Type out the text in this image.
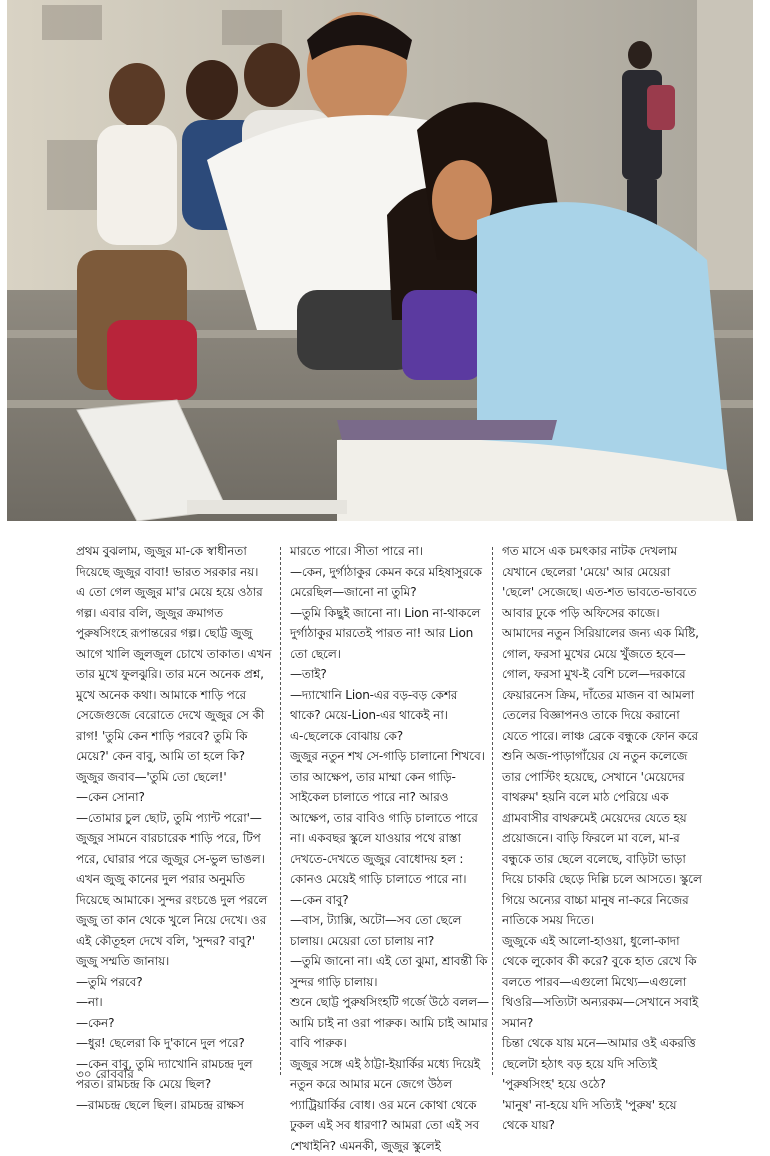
প্রথম বুঝলাম, জুজুর মা-কে স্বাধীনতা দিয়েছে জুজুর বাবা! ভারত সরকার নয়।
এ তো গেল জুজুর মা'র মেয়ে হয়ে ওঠার গল্প। এবার বলি, জুজুর ক্রমাগত পুরুষসিংহে রূপান্তরের গল্প। ছোট্ট জুজু আগে খালি জুলজুল চোখে তাকাত। এখন তার মুখে ফুলঝুরি। তার মনে অনেক প্রশ্ন, মুখে অনেক কথা। আমাকে শাড়ি পরে সেজেগুজে বেরোতে দেখে জুজুর সে কী রাগ! 'তুমি কেন শাড়ি পরবে? তুমি কি মেয়ে?' কেন বাবু, আমি তা হলে কি? জুজুর জবাব—'তুমি তো ছেলে!'
—কেন সোনা?
—তোমার চুল ছোট, তুমি প্যান্ট পরো'—
জুজুর সামনে বারচারেক শাড়ি পরে, টিপ পরে, ঘোরার পরে জুজুর সে-ভুল ভাঙল। এখন জুজু কানের দুল পরার অনুমতি দিয়েছে আমাকে। সুন্দর রংচঙে দুল পরলে জুজু তা কান থেকে খুলে নিয়ে দেখে। ওর এই কৌতূহল দেখে বলি, 'সুন্দর? বাবু?' জুজু সম্মতি জানায়।
—তুমি পরবে?
—না।
—কেন?
—ধুর! ছেলেরা কি দু'কানে দুল পরে?
—কেন বাবু, তুমি দ্যাখোনি রামচন্দ্র দুল পরত। রামচন্দ্র কি মেয়ে ছিল?
—রামচন্দ্র ছেলে ছিল। রামচন্দ্র রাক্ষস

মারতে পারে। সীতা পারে না।
—কেন, দুর্গাঠাকুর কেমন করে মহিষাসুরকে মেরেছিল—জানো না তুমি?
—তুমি কিছুই জানো না। Lion না-থাকলে দুর্গাঠাকুর মারতেই পারত না! আর Lion তো ছেলে।
—তাই?
—দ্যাখোনি Lion-এর বড়-বড় কেশর থাকে? মেয়ে-Lion-এর থাকেই না।
এ-ছেলেকে বোঝায় কে?
জুজুর নতুন শখ সে-গাড়ি চালানো শিখবে। তার আক্ষেপ, তার মাম্মা কেন গাড়ি-সাইকেল চালাতে পারে না? আরও আক্ষেপ, তার বাবিও গাড়ি চালাতে পারে না। একবছর স্কুলে যাওয়ার পথে রাস্তা দেখতে-দেখতে জুজুর বোধোদয় হল : কোনও মেয়েই গাড়ি চালাতে পারে না।
—কেন বাবু?
—বাস, ট্যাক্সি, অটো—সব তো ছেলে চালায়। মেয়েরা তো চালায় না?
—তুমি জানো না। এই তো ঝুমা, শ্রাবন্তী কি সুন্দর গাড়ি চালায়।
শুনে ছোট্ট পুরুষসিংহটি গর্জে উঠে বলল—আমি চাই না ওরা পারুক। আমি চাই আমার বাবি পারুক।
জুজুর সঙ্গে এই ঠাট্টা-ইয়ার্কির মধ্যে দিয়েই নতুন করে আমার মনে জেগে উঠল প্যাট্রিয়ার্কির বোধ। ওর মনে কোথা থেকে ঢুকল এই সব ধারণা? আমরা তো এই সব শেখাইনি? এমনকী, জুজুর স্কুলেই

গত মাসে এক চমৎকার নাটক দেখলাম যেখানে ছেলেরা 'মেয়ে' আর মেয়েরা 'ছেলে' সেজেছে। এত-শত ভাবতে-ভাবতে আবার ঢুকে পড়ি অফিসের কাজে। আমাদের নতুন সিরিয়ালের জন্য এক মিষ্টি, গোল, ফরসা মুখের মেয়ে খুঁজতে হবে—গোল, ফরসা মুখ-ই বেশি চলে—দরকারে ফেয়ারনেস ক্রিম, দাঁতের মাজন বা আমলা তেলের বিজ্ঞাপনও তাকে দিয়ে করানো যেতে পারে। লাঞ্চ ব্রেকে বন্ধুকে ফোন করে শুনি অজ-পাড়াগাঁয়ের যে নতুন কলেজে তার পোস্টিং হয়েছে, সেখানে 'মেয়েদের বাথরুম' হয়নি বলে মাঠ পেরিয়ে এক গ্রামবাসীর বাথরুমেই মেয়েদের যেতে হয় প্রয়োজনে। বাড়ি ফিরলে মা বলে, মা-র বন্ধুকে তার ছেলে বলেছে, বাড়িটা ভাড়া দিয়ে চাকরি ছেড়ে দিল্লি চলে আসতে। স্কুলে গিয়ে অন্যের বাচ্চা মানুষ না-করে নিজের নাতিকে সময় দিতে।
জুজুকে এই আলো-হাওয়া, ধুলো-কাদা থেকে লুকোব কী করে? বুকে হাত রেখে কি বলতে পারব—এগুলো মিথ্যে—এগুলো থিওরি—সত্যিটা অন্যরকম—সেখানে সবাই সমান?
চিন্তা থেকে যায় মনে—আমার ওই একরত্তি ছেলেটা হঠাৎ বড় হয়ে যদি সত্যিই 'পুরুষসিংহ' হয়ে ওঠে?
'মানুষ' না-হয়ে যদি সত্যিই 'পুরুষ' হয়ে থেকে যায়?

৩০ রোববার
